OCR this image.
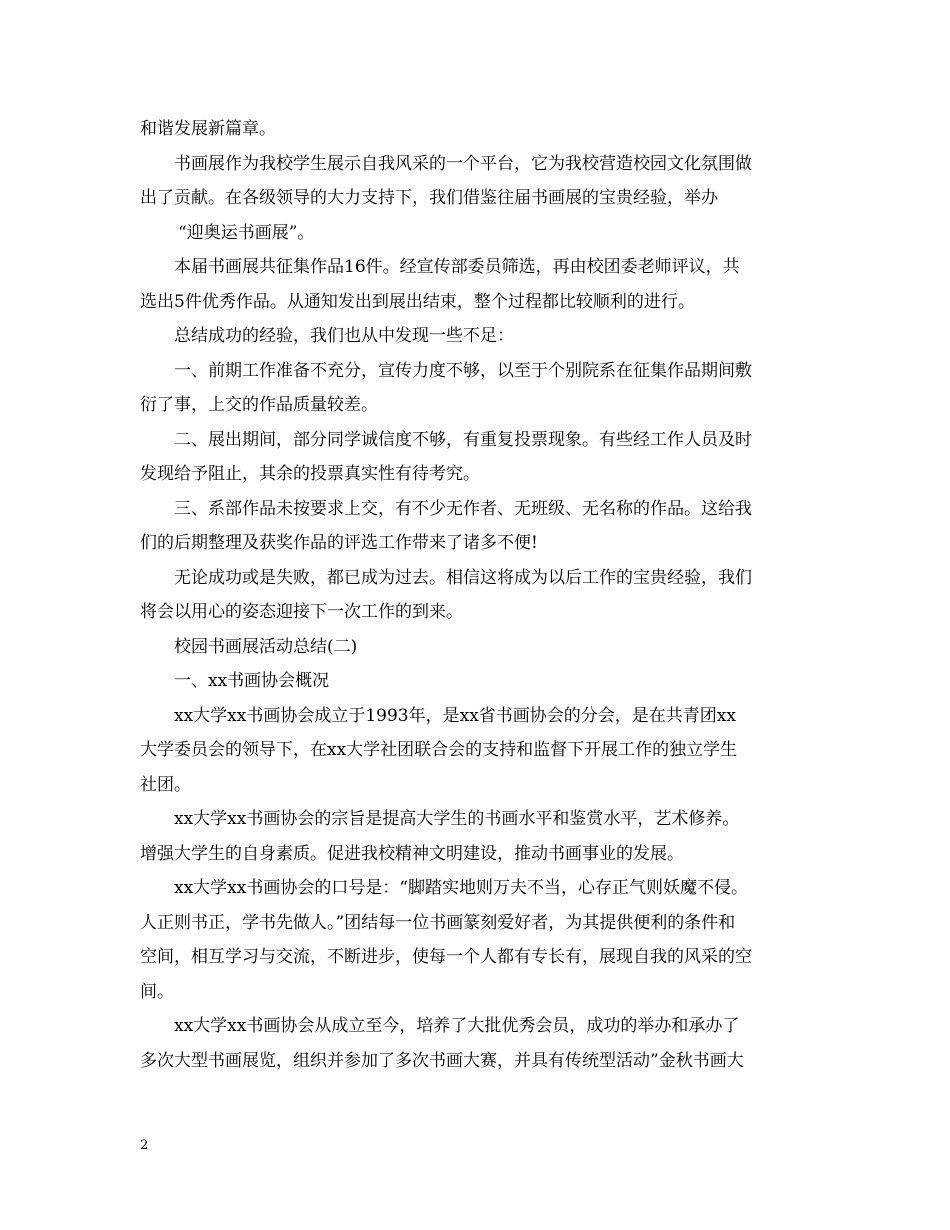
和谐发展新篇章。
书画展作为我校学生展示自我风采的一个平台，它为我校营造校园文化氛围做
出了贡献。在各级领导的大力支持下，我们借鉴往届书画展的宝贵经验，举办
“迎奥运书画展”。
本届书画展共征集作品16件。经宣传部委员筛选，再由校团委老师评议，共
选出5件优秀作品。从通知发出到展出结束，整个过程都比较顺利的进行。
总结成功的经验，我们也从中发现一些不足：
一、前期工作准备不充分，宣传力度不够，以至于个别院系在征集作品期间敷
衍了事，上交的作品质量较差。
二、展出期间，部分同学诚信度不够，有重复投票现象。有些经工作人员及时
发现给予阻止，其余的投票真实性有待考究。
三、系部作品未按要求上交，有不少无作者、无班级、无名称的作品。这给我
们的后期整理及获奖作品的评选工作带来了诸多不便!
无论成功或是失败，都已成为过去。相信这将成为以后工作的宝贵经验，我们
将会以用心的姿态迎接下一次工作的到来。
校园书画展活动总结(二)
一、xx书画协会概况
xx大学xx书画协会成立于1993年，是xx省书画协会的分会，是在共青团xx
大学委员会的领导下，在xx大学社团联合会的支持和监督下开展工作的独立学生
社团。
xx大学xx书画协会的宗旨是提高大学生的书画水平和鉴赏水平，艺术修养。
增强大学生的自身素质。促进我校精神文明建设，推动书画事业的发展。
xx大学xx书画协会的口号是：“脚踏实地则万夫不当，心存正气则妖魔不侵。
人正则书正，学书先做人。”团结每一位书画篆刻爱好者，为其提供便利的条件和
空间，相互学习与交流，不断进步，使每一个人都有专长有，展现自我的风采的空
间。
xx大学xx书画协会从成立至今，培养了大批优秀会员，成功的举办和承办了
多次大型书画展览，组织并参加了多次书画大赛，并具有传统型活动”金秋书画大
2
